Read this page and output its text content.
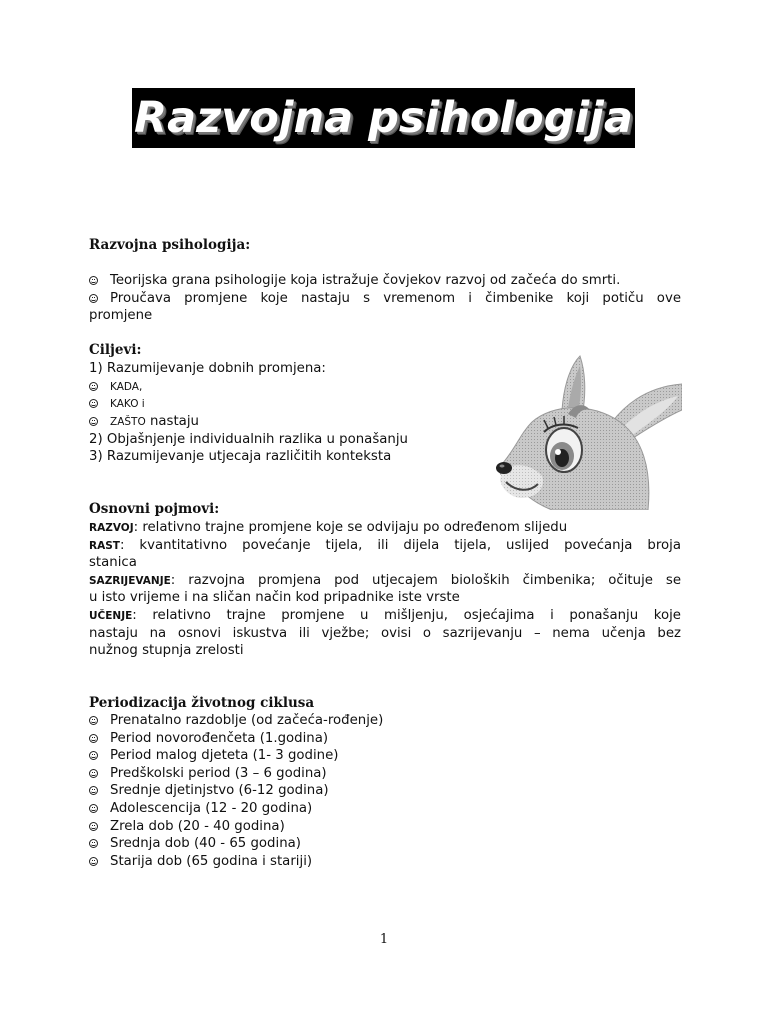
Razvojna psihologija
Razvojna psihologija:
Teorijska grana psihologije koja istražuje čovjekov razvoj od začeća do smrti.
Proučava promjene koje nastaju s vremenom i čimbenike koji potiču ove
promjene
Ciljevi:
1) Razumijevanje dobnih promjena:
KADA,
KAKO i
ZAŠTO nastaju
2) Objašnjenje individualnih razlika u ponašanju
3) Razumijevanje utjecaja različitih konteksta
Osnovni pojmovi:
RAZVOJ: relativno trajne promjene koje se odvijaju po određenom slijedu
RAST: kvantitativno povećanje tijela, ili dijela tijela, uslijed povećanja broja
stanica
SAZRIJEVANJE: razvojna promjena pod utjecajem bioloških čimbenika; očituje se
u isto vrijeme i na sličan način kod pripadnike iste vrste
UČENJE: relativno trajne promjene u mišljenju, osjećajima i ponašanju koje
nastaju na osnovi iskustva ili vježbe; ovisi o sazrijevanju – nema učenja bez
nužnog stupnja zrelosti
Periodizacija životnog ciklusa
Prenatalno razdoblje (od začeća-rođenje)
Period novorođenčeta (1.godina)
Period malog djeteta (1- 3 godine)
Predškolski period (3 – 6 godina)
Srednje djetinjstvo (6-12 godina)
Adolescencija (12 - 20 godina)
Zrela dob (20 - 40 godina)
Srednja dob (40 - 65 godina)
Starija dob (65 godina i stariji)
1
